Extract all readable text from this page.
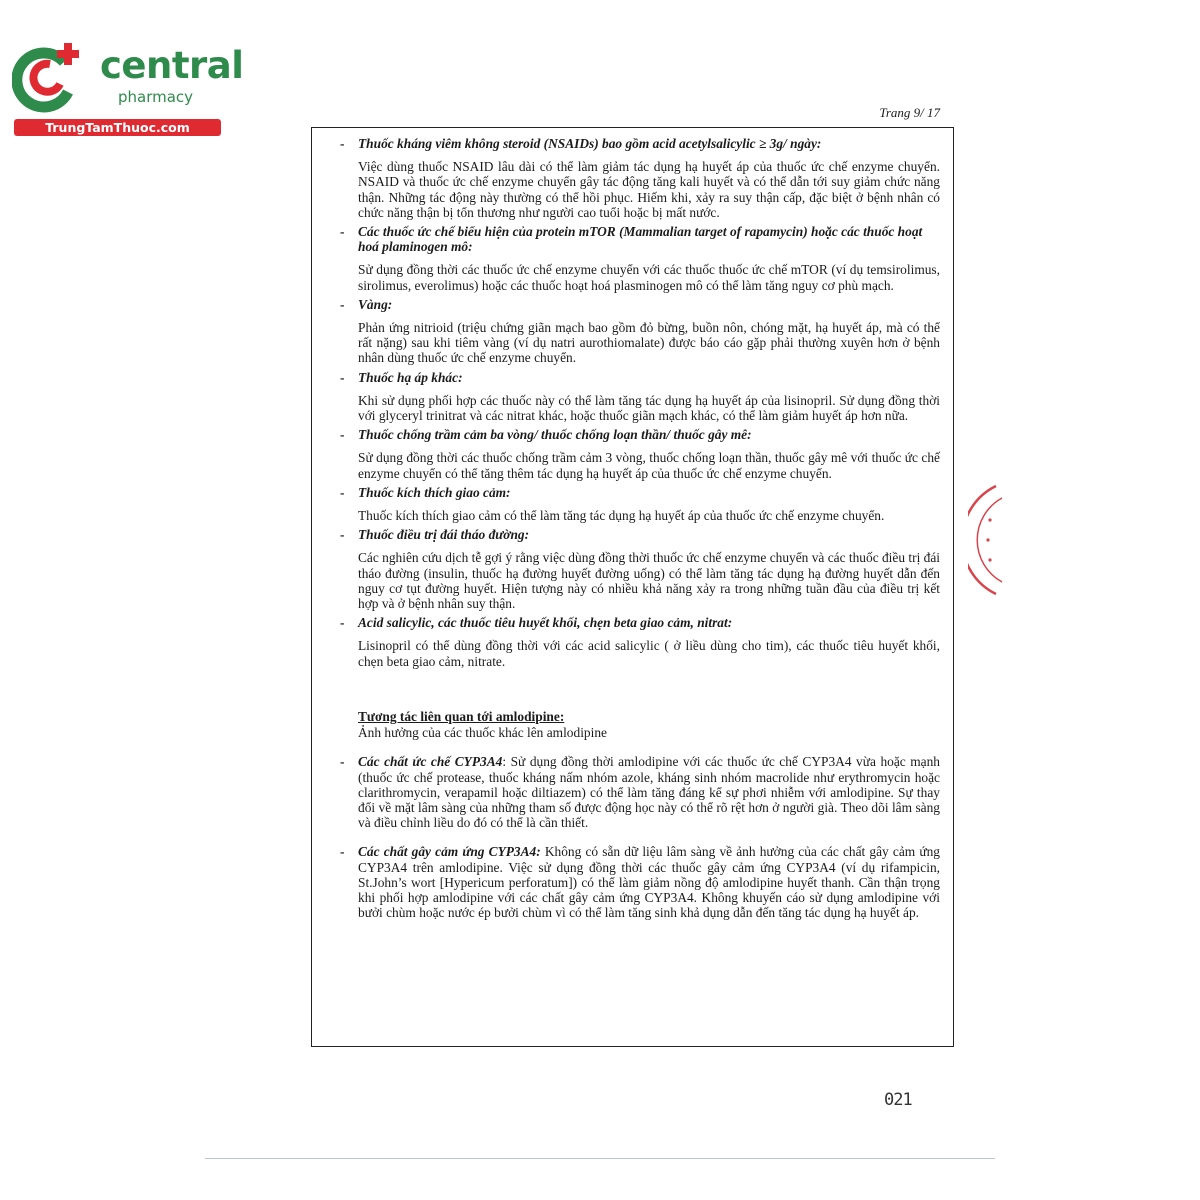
central
pharmacy
TrungTamThuoc.com
Trang 9/ 17
- Thuốc kháng viêm không steroid (NSAIDs) bao gồm acid acetylsalicylic ≥ 3g/ ngày:
Việc dùng thuốc NSAID lâu dài có thể làm giảm tác dụng hạ huyết áp của thuốc ức chế enzyme chuyển. NSAID và thuốc ức chế enzyme chuyển gây tác động tăng kali huyết và có thể dẫn tới suy giảm chức năng thận. Những tác động này thường có thể hồi phục. Hiếm khi, xảy ra suy thận cấp, đặc biệt ở bệnh nhân có chức năng thận bị tổn thương như người cao tuổi hoặc bị mất nước.
- Các thuốc ức chế biểu hiện của protein mTOR (Mammalian target of rapamycin) hoặc các thuốc hoạt hoá plaminogen mô:
Sử dụng đồng thời các thuốc ức chế enzyme chuyển với các thuốc thuốc ức chế mTOR (ví dụ temsirolimus, sirolimus, everolimus) hoặc các thuốc hoạt hoá plasminogen mô có thể làm tăng nguy cơ phù mạch.
- Vàng:
Phản ứng nitrioid (triệu chứng giãn mạch bao gồm đỏ bừng, buồn nôn, chóng mặt, hạ huyết áp, mà có thể rất nặng) sau khi tiêm vàng (ví dụ natri aurothiomalate) được báo cáo gặp phải thường xuyên hơn ở bệnh nhân dùng thuốc ức chế enzyme chuyển.
- Thuốc hạ áp khác:
Khi sử dụng phối hợp các thuốc này có thể làm tăng tác dụng hạ huyết áp của lisinopril. Sử dụng đồng thời với glyceryl trinitrat và các nitrat khác, hoặc thuốc giãn mạch khác, có thể làm giảm huyết áp hơn nữa.
- Thuốc chống trầm cảm ba vòng/ thuốc chống loạn thần/ thuốc gây mê:
Sử dụng đồng thời các thuốc chống trầm cảm 3 vòng, thuốc chống loạn thần, thuốc gây mê với thuốc ức chế enzyme chuyển có thể tăng thêm tác dụng hạ huyết áp của thuốc ức chế enzyme chuyển.
- Thuốc kích thích giao cảm:
Thuốc kích thích giao cảm có thể làm tăng tác dụng hạ huyết áp của thuốc ức chế enzyme chuyển.
- Thuốc điều trị đái tháo đường:
Các nghiên cứu dịch tễ gợi ý rằng việc dùng đồng thời thuốc ức chế enzyme chuyển và các thuốc điều trị đái tháo đường (insulin, thuốc hạ đường huyết đường uống) có thể làm tăng tác dụng hạ đường huyết dẫn đến nguy cơ tụt đường huyết. Hiện tượng này có nhiều khả năng xảy ra trong những tuần đầu của điều trị kết hợp và ở bệnh nhân suy thận.
- Acid salicylic, các thuốc tiêu huyết khối, chẹn beta giao cảm, nitrat:
Lisinopril có thể dùng đồng thời với các acid salicylic ( ở liều dùng cho tim), các thuốc tiêu huyết khối, chẹn beta giao cảm, nitrate.
Tương tác liên quan tới amlodipine:
Ảnh hưởng của các thuốc khác lên amlodipine
- Các chất ức chế CYP3A4: Sử dụng đồng thời amlodipine với các thuốc ức chế CYP3A4 vừa hoặc mạnh (thuốc ức chế protease, thuốc kháng nấm nhóm azole, kháng sinh nhóm macrolide như erythromycin hoặc clarithromycin, verapamil hoặc diltiazem) có thể làm tăng đáng kể sự phơi nhiễm với amlodipine. Sự thay đổi về mặt lâm sàng của những tham số được động học này có thể rõ rệt hơn ở người già. Theo dõi lâm sàng và điều chỉnh liều do đó có thể là cần thiết.
- Các chất gây cảm ứng CYP3A4: Không có sẵn dữ liệu lâm sàng về ảnh hưởng của các chất gây cảm ứng CYP3A4 trên amlodipine. Việc sử dụng đồng thời các thuốc gây cảm ứng CYP3A4 (ví dụ rifampicin, St.John’s wort [Hypericum perforatum]) có thể làm giảm nồng độ amlodipine huyết thanh. Cần thận trọng khi phối hợp amlodipine với các chất gây cảm ứng CYP3A4. Không khuyến cáo sử dụng amlodipine với bưởi chùm hoặc nước ép bưởi chùm vì có thể làm tăng sinh khả dụng dẫn đến tăng tác dụng hạ huyết áp.
021
